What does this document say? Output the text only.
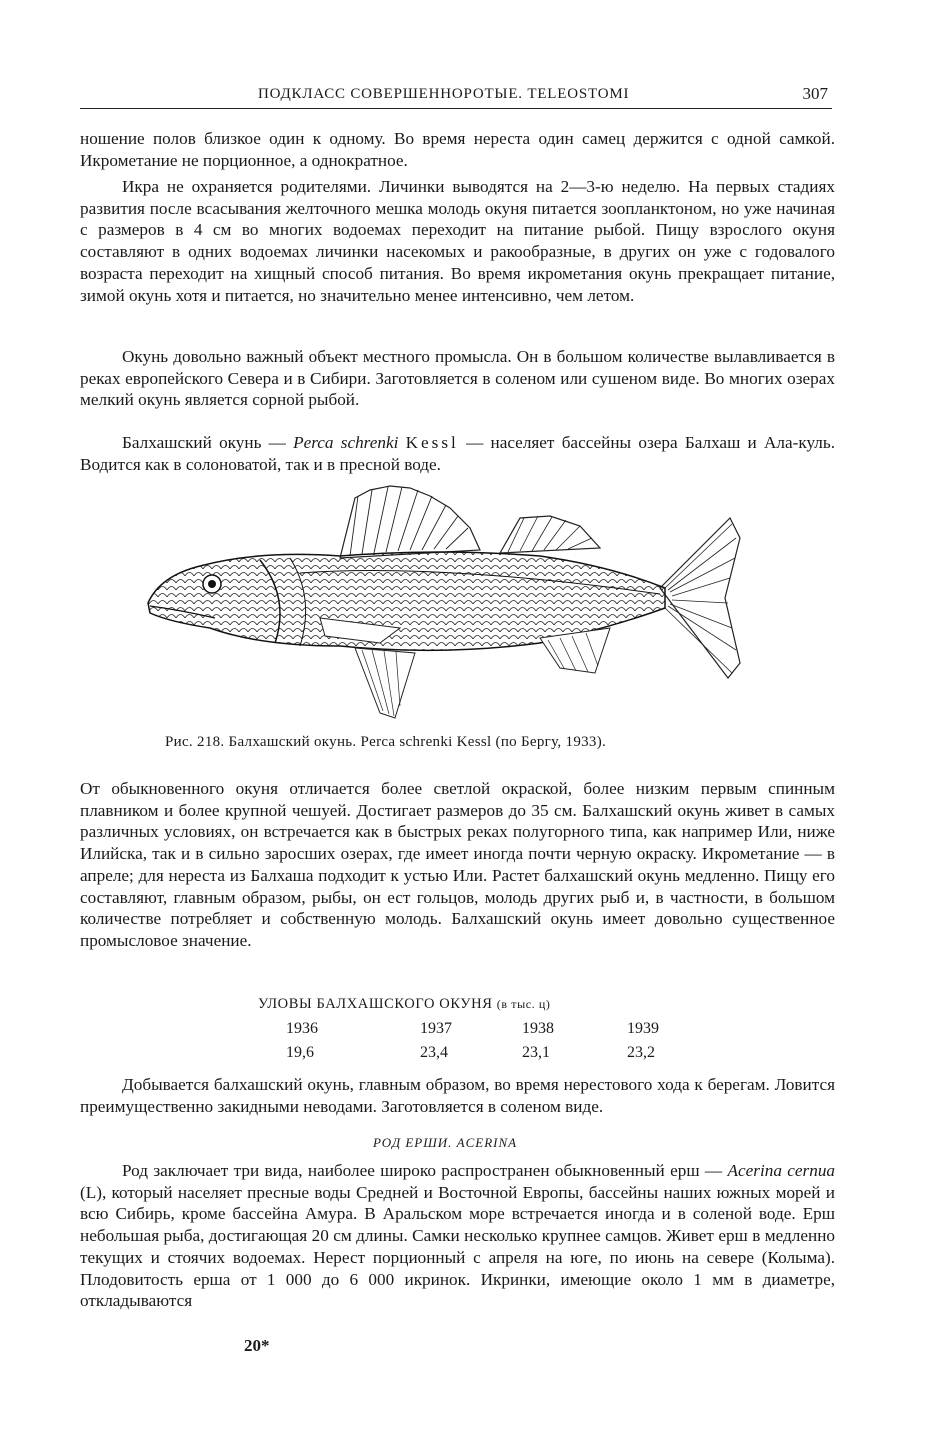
ПОДКЛАСС СОВЕРШЕННОРОТЫЕ. TELEOSTOMI	307

ношение полов близкое один к одному. Во время нереста один самец держится с одной самкой. Икрометание не порционное, а однократное.

Икра не охраняется родителями. Личинки выводятся на 2—3-ю неделю. На первых стадиях развития после всасывания желточного мешка молодь окуня питается зоопланктоном, но уже начиная с размеров в 4 см во многих водоемах переходит на питание рыбой. Пищу взрослого окуня составляют в одних водоемах личинки насекомых и ракообразные, в других он уже с годовалого возраста переходит на хищный способ питания. Во время икрометания окунь прекращает питание, зимой окунь хотя и питается, но значительно менее интенсивно, чем летом.

Окунь довольно важный объект местного промысла. Он в большом количестве вылавливается в реках европейского Севера и в Сибири. Заготовляется в соленом или сушеном виде. Во многих озерах мелкий окунь является сорной рыбой.

Балхашский окунь — Perca schrenki Kessl — населяет бассейны озера Балхаш и Ала-куль. Водится как в солоноватой, так и в пресной воде.

Рис. 218. Балхашский окунь. Perca schrenki Kessl (по Бергу, 1933).

От обыкновенного окуня отличается более светлой окраской, более низким первым спинным плавником и более крупной чешуей. Достигает размеров до 35 см. Балхашский окунь живет в самых различных условиях, он встречается как в быстрых реках полугорного типа, как например Или, ниже Илийска, так и в сильно заросших озерах, где имеет иногда почти черную окраску. Икрометание — в апреле; для нереста из Балхаша подходит к устью Или. Растет балхашский окунь медленно. Пищу его составляют, главным образом, рыбы, он ест гольцов, молодь других рыб и, в частности, в большом количестве потребляет и собственную молодь. Балхашский окунь имеет довольно существенное промысловое значение.

УЛОВЫ БАЛХАШСКОГО ОКУНЯ (в тыс. ц)
1936	1937	1938	1939
19,6	23,4	23,1	23,2

Добывается балхашский окунь, главным образом, во время нерестового хода к берегам. Ловится преимущественно закидными неводами. Заготовляется в соленом виде.

РОД ЕРШИ. ACERINA

Род заключает три вида, наиболее широко распространен обыкновенный ерш — Acerina cernua (L), который населяет пресные воды Средней и Восточной Европы, бассейны наших южных морей и всю Сибирь, кроме бассейна Амура. В Аральском море встречается иногда и в соленой воде. Ерш небольшая рыба, достигающая 20 см длины. Самки несколько крупнее самцов. Живет ерш в медленно текущих и стоячих водоемах. Нерест порционный с апреля на юге, по июнь на севере (Колыма). Плодовитость ерша от 1 000 до 6 000 икринок. Икринки, имеющие около 1 мм в диаметре, откладываются

20*
